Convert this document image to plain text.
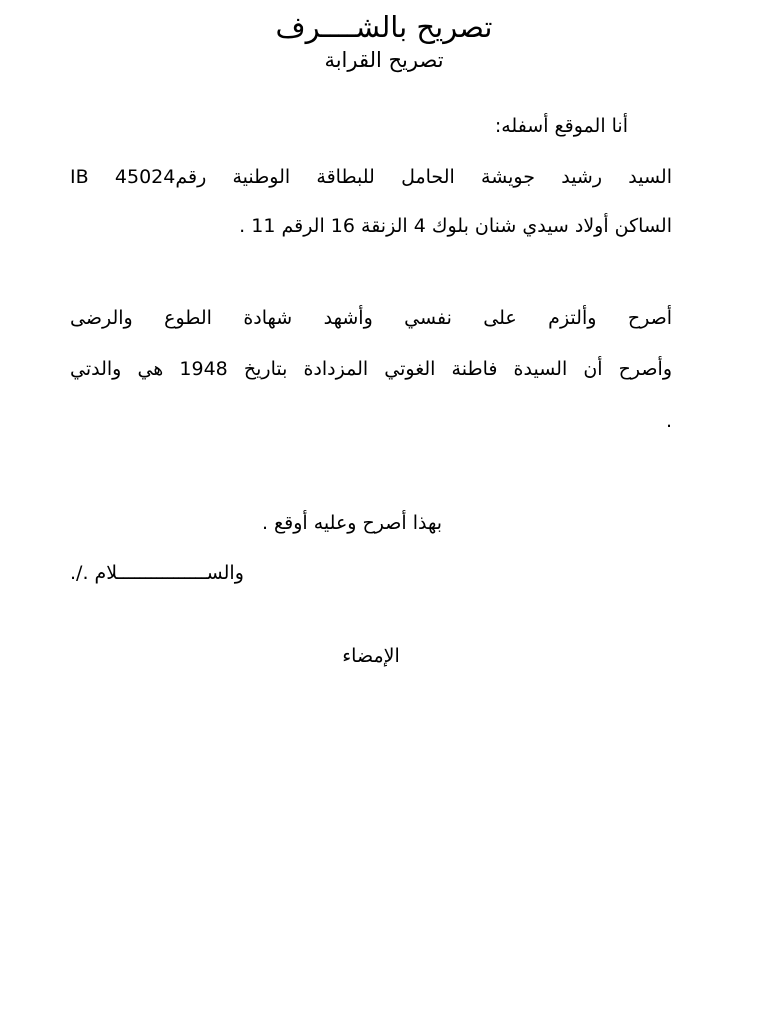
تصريح بالشــــرف
تصريح القرابة
أنا الموقع أسفله:
السيد رشيد جويشة الحامل للبطاقة الوطنية رقم45024 IB
الساكن أولاد سيدي شنان بلوك 4 الزنقة 16 الرقم 11 .
أصرح وألتزم على نفسي وأشهد شهادة الطوع والرضى
وأصرح أن السيدة فاطنة الغوتي المزدادة بتاريخ 1948 هي والدتي
.
بهذا أصرح وعليه أوقع .
والســــــــــــــــلام ./.
الإمضاء
